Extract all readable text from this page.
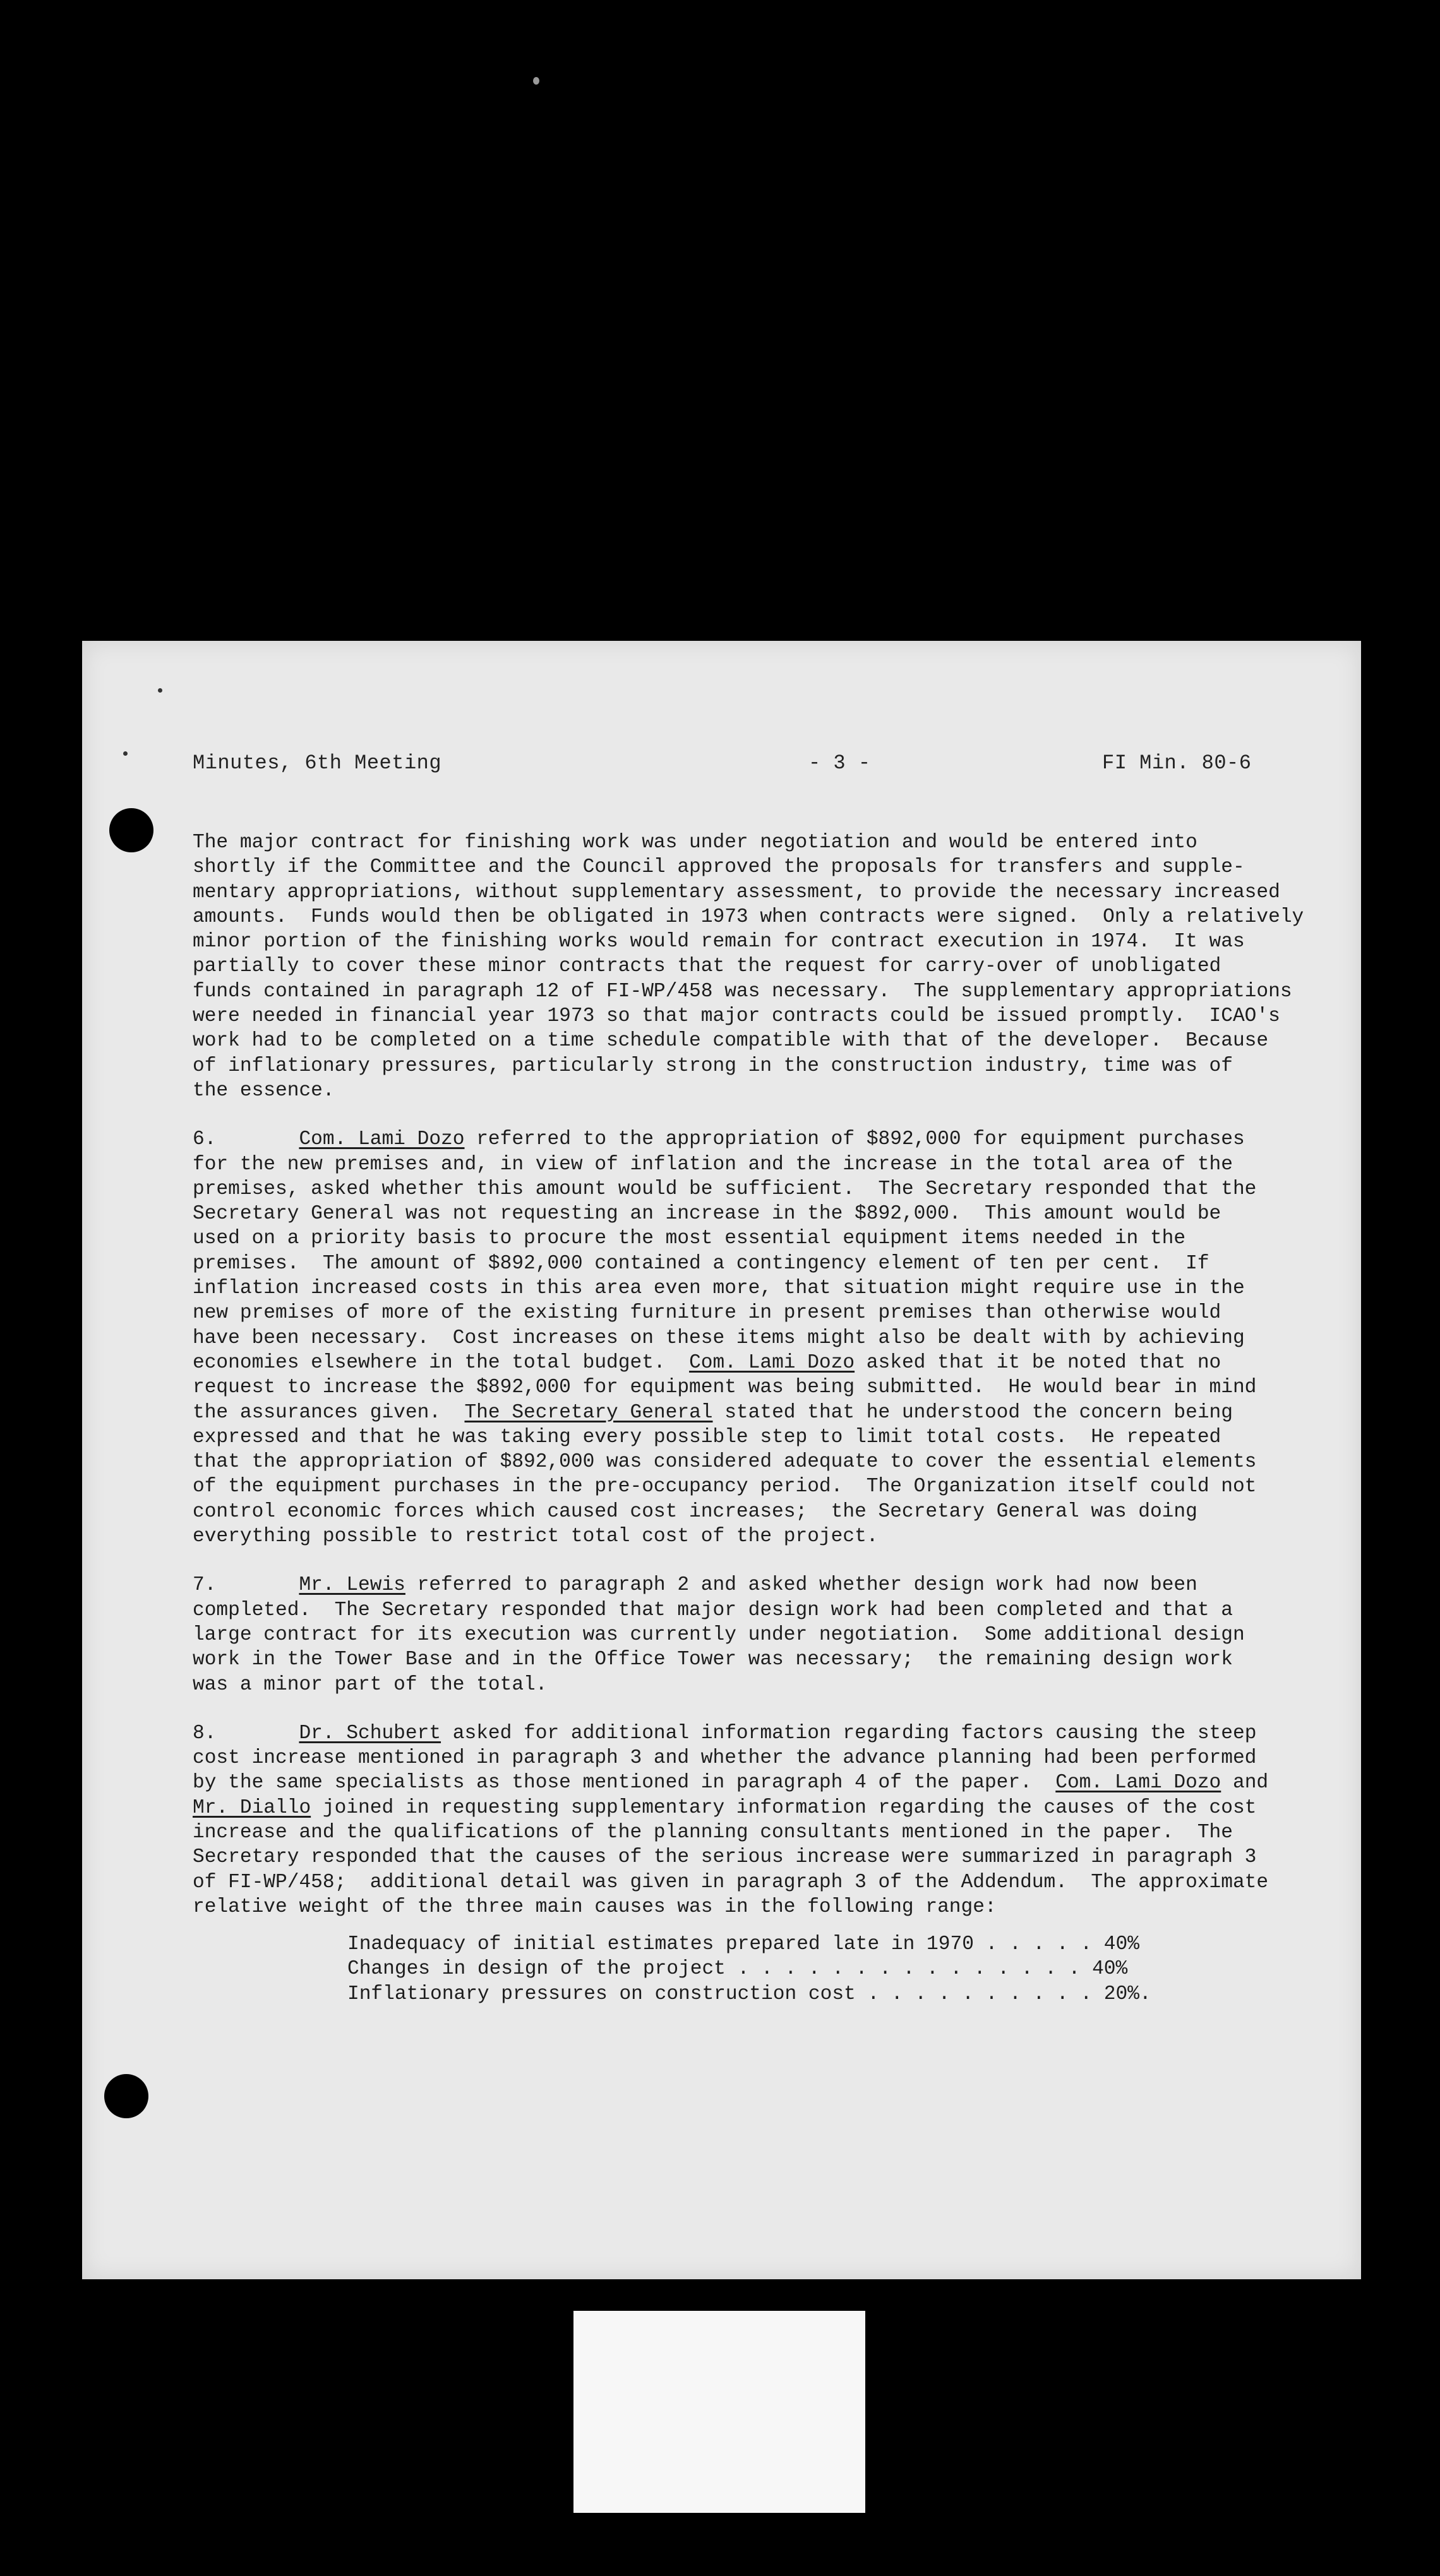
Minutes, 6th Meeting	- 3 -	FI Min. 80-6
The major contract for finishing work was under negotiation and would be entered into
shortly if the Committee and the Council approved the proposals for transfers and supple-
mentary appropriations, without supplementary assessment, to provide the necessary increased
amounts.  Funds would then be obligated in 1973 when contracts were signed.  Only a relatively
minor portion of the finishing works would remain for contract execution in 1974.  It was
partially to cover these minor contracts that the request for carry-over of unobligated
funds contained in paragraph 12 of FI-WP/458 was necessary.  The supplementary appropriations
were needed in financial year 1973 so that major contracts could be issued promptly.  ICAO's
work had to be completed on a time schedule compatible with that of the developer.  Because
of inflationary pressures, particularly strong in the construction industry, time was of
the essence.
6.	Com. Lami Dozo referred to the appropriation of $892,000 for equipment purchases
for the new premises and, in view of inflation and the increase in the total area of the
premises, asked whether this amount would be sufficient.  The Secretary responded that the
Secretary General was not requesting an increase in the $892,000.  This amount would be
used on a priority basis to procure the most essential equipment items needed in the
premises.  The amount of $892,000 contained a contingency element of ten per cent.  If
inflation increased costs in this area even more, that situation might require use in the
new premises of more of the existing furniture in present premises than otherwise would
have been necessary.  Cost increases on these items might also be dealt with by achieving
economies elsewhere in the total budget.  Com. Lami Dozo asked that it be noted that no
request to increase the $892,000 for equipment was being submitted.  He would bear in mind
the assurances given.  The Secretary General stated that he understood the concern being
expressed and that he was taking every possible step to limit total costs.  He repeated
that the appropriation of $892,000 was considered adequate to cover the essential elements
of the equipment purchases in the pre-occupancy period.  The Organization itself could not
control economic forces which caused cost increases;  the Secretary General was doing
everything possible to restrict total cost of the project.
7.	Mr. Lewis referred to paragraph 2 and asked whether design work had now been
completed.  The Secretary responded that major design work had been completed and that a
large contract for its execution was currently under negotiation.  Some additional design
work in the Tower Base and in the Office Tower was necessary;  the remaining design work
was a minor part of the total.
8.	Dr. Schubert asked for additional information regarding factors causing the steep
cost increase mentioned in paragraph 3 and whether the advance planning had been performed
by the same specialists as those mentioned in paragraph 4 of the paper.  Com. Lami Dozo and
Mr. Diallo joined in requesting supplementary information regarding the causes of the cost
increase and the qualifications of the planning consultants mentioned in the paper.  The
Secretary responded that the causes of the serious increase were summarized in paragraph 3
of FI-WP/458;  additional detail was given in paragraph 3 of the Addendum.  The approximate
relative weight of the three main causes was in the following range:
Inadequacy of initial estimates prepared late in 1970 . . . . . 40%
Changes in design of the project . . . . . . . . . . . . . . . 40%
Inflationary pressures on construction cost . . . . . . . . . . 20%.
